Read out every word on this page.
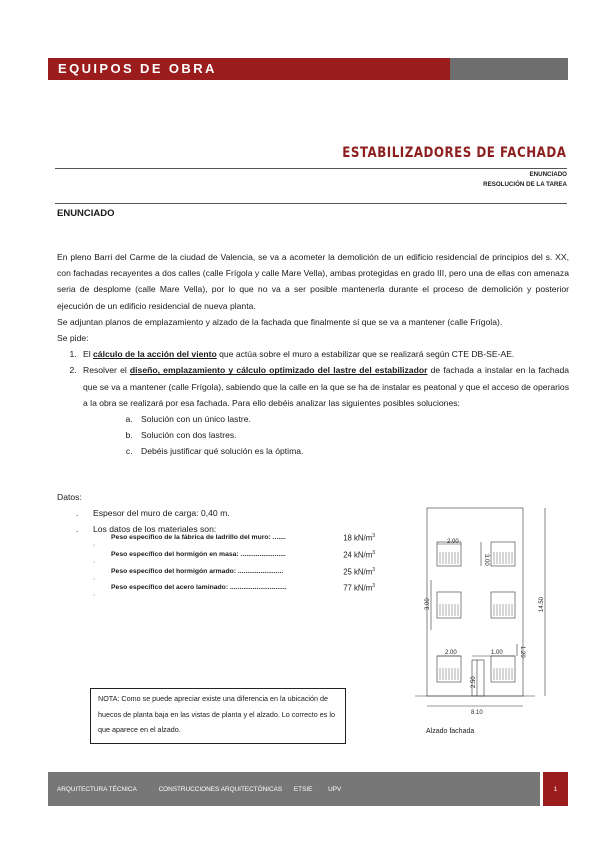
EQUIPOS DE OBRA
ESTABILIZADORES DE FACHADA
ENUNCIADO
RESOLUCIÓN DE LA TAREA
ENUNCIADO

En pleno Barri del Carme de la ciudad de Valencia, se va a acometer la demolición de un edificio residencial de principios del s. XX, con fachadas recayentes a dos calles (calle Frígola y calle Mare Vella), ambas protegidas en grado III, pero una de ellas con amenaza seria de desplome (calle Mare Vella), por lo que no va a ser posible mantenerla durante el proceso de demolición y posterior ejecución de un edificio residencial de nueva planta.

Se adjuntan planos de emplazamiento y alzado de la fachada que finalmente sí que se va a mantener (calle Frígola).

Se pide:

1. El cálculo de la acción del viento que actúa sobre el muro a estabilizar que se realizará según CTE DB-SE-AE.
2. Resolver el diseño, emplazamiento y cálculo optimizado del lastre del estabilizador de fachada a instalar en la fachada que se va a mantener (calle Frígola), sabiendo que la calle en la que se ha de instalar es peatonal y que el acceso de operarios a la obra se realizará por esa fachada. Para ello debéis analizar las siguientes posibles soluciones:
a. Solución con un único lastre.
b. Solución con dos lastres.
c. Debéis justificar qué solución es la óptima.
Datos:
. Espesor del muro de carga: 0,40 m.
. Los datos de los materiales son:
·
Peso específico de la fábrica de ladrillo del muro: .......	18 $kN/m^3$
·
Peso específico del hormigón en masa: ........................	24 $kN/m^3$
·
Peso específico del hormigón armado: ........................	25 $kN/m^3$
·
Peso específico del acero laminado: ..............................	77 $kN/m^3$
NOTA: Como se puede apreciar existe una diferencia en la ubicación de huecos de planta baja en las vistas de planta y el alzado. Lo correcto es lo que aparece en el alzado.
2.00
3.00
3.00	14.50
2.00	1.00	1.20
2.50
8.10
Alzado fachada
ARQUITECTURA TÉCNICA	CONSTRUCCIONES ARQUITECTÓNICAS ETSIE UPV	1
